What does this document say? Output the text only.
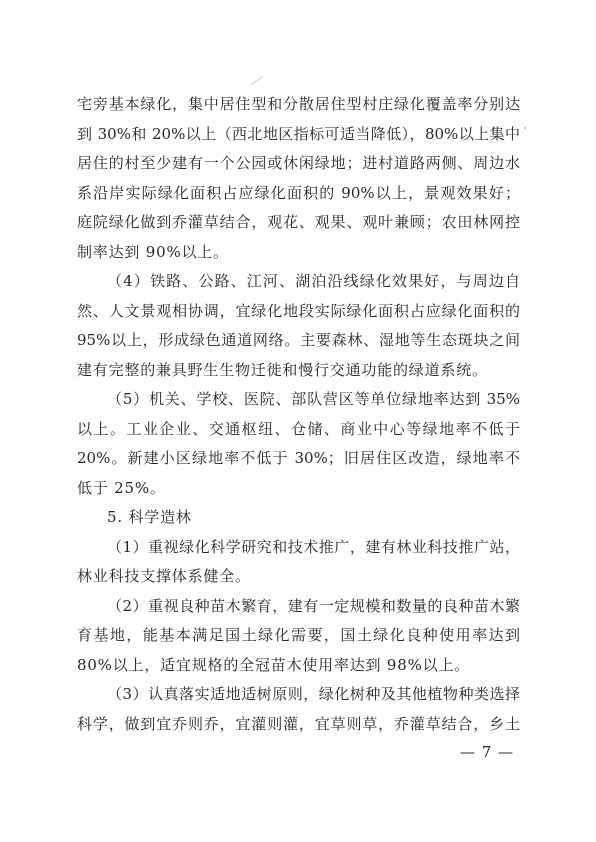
宅旁基本绿化，集中居住型和分散居住型村庄绿化覆盖率分别达
到 30%和 20%以上（西北地区指标可适当降低），80%以上集中
居住的村至少建有一个公园或休闲绿地；进村道路两侧、周边水
系沿岸实际绿化面积占应绿化面积的 90%以上，景观效果好；
庭院绿化做到乔灌草结合，观花、观果、观叶兼顾；农田林网控
制率达到 90%以上。
（4）铁路、公路、江河、湖泊沿线绿化效果好，与周边自
然、人文景观相协调，宜绿化地段实际绿化面积占应绿化面积的
95%以上，形成绿色通道网络。主要森林、湿地等生态斑块之间
建有完整的兼具野生生物迁徙和慢行交通功能的绿道系统。
（5）机关、学校、医院、部队营区等单位绿地率达到 35%
以上。工业企业、交通枢纽、仓储、商业中心等绿地率不低于
20%。新建小区绿地率不低于 30%；旧居住区改造，绿地率不
低于 25%。
5. 科学造林
（1）重视绿化科学研究和技术推广，建有林业科技推广站，
林业科技支撑体系健全。
（2）重视良种苗木繁育，建有一定规模和数量的良种苗木繁
育基地，能基本满足国土绿化需要，国土绿化良种使用率达到
80%以上，适宜规格的全冠苗木使用率达到 98%以上。
（3）认真落实适地适树原则，绿化树种及其他植物种类选择
科学，做到宜乔则乔，宜灌则灌，宜草则草，乔灌草结合，乡土
— 7 —
